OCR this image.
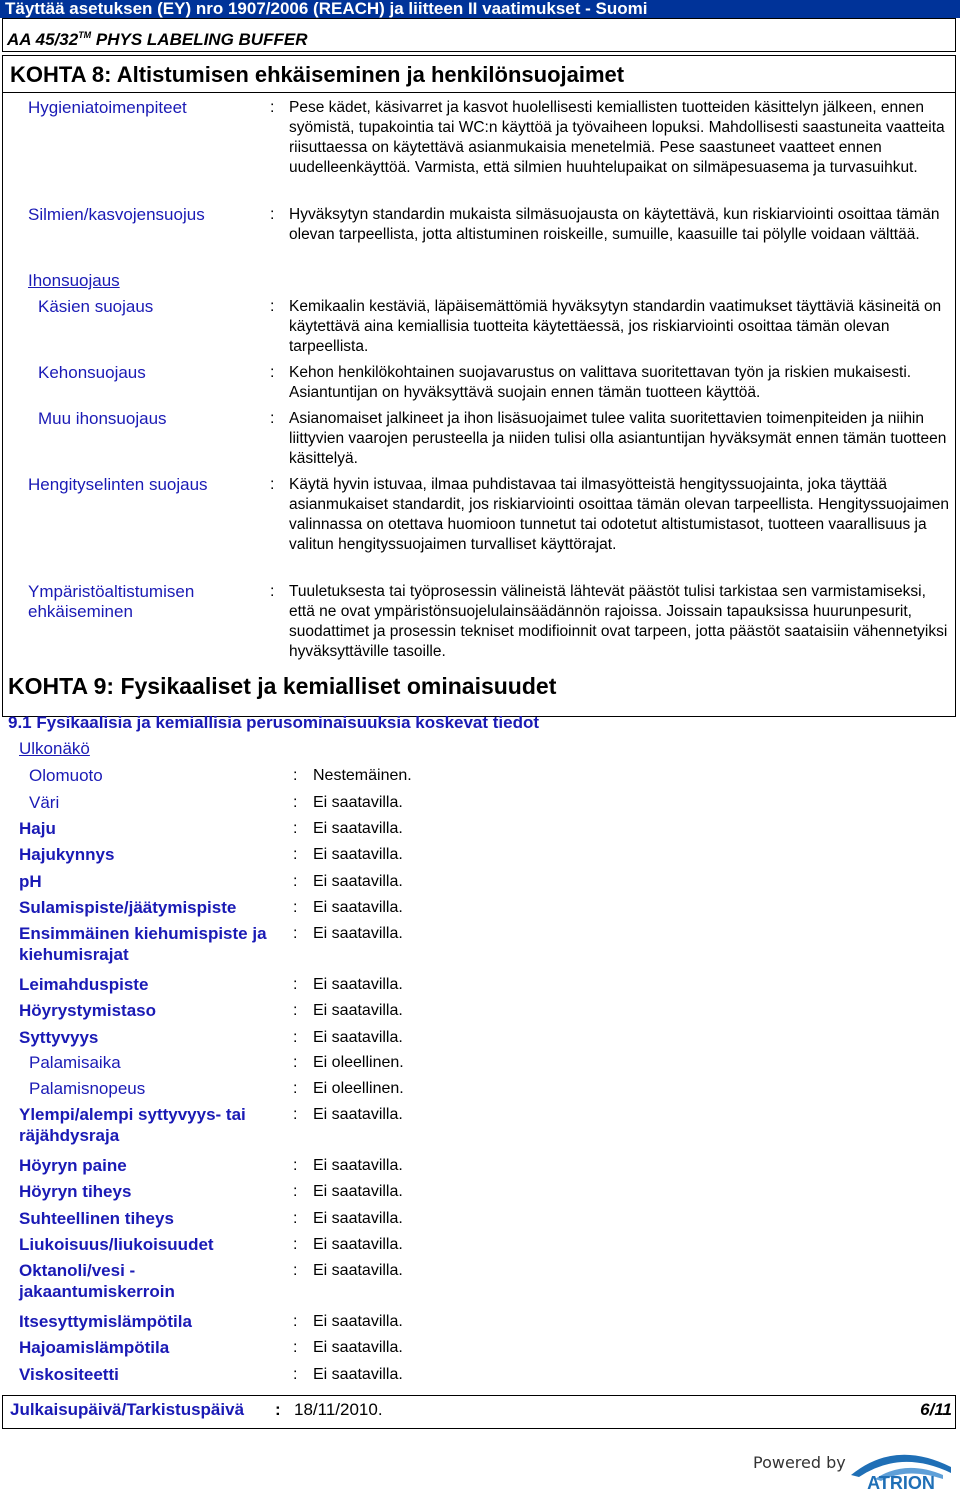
Täyttää asetuksen (EY) nro 1907/2006 (REACH) ja liitteen II vaatimukset - Suomi
AA 45/32™ PHYS LABELING BUFFER
KOHTA 8: Altistumisen ehkäiseminen ja henkilönsuojaimet
Hygieniatoimenpiteet	: Pese kädet, käsivarret ja kasvot huolellisesti kemiallisten tuotteiden käsittelyn jälkeen, ennen syömistä, tupakointia tai WC:n käyttöä ja työvaiheen lopuksi. Mahdollisesti saastuneita vaatteita riisuttaessa on käytettävä asianmukaisia menetelmiä. Pese saastuneet vaatteet ennen uudelleenkäyttöä. Varmista, että silmien huuhtelupaikat on silmäpesuasema ja turvasuihkut.
Silmien/kasvojensuojus	: Hyväksytyn standardin mukaista silmäsuojausta on käytettävä, kun riskiarviointi osoittaa tämän olevan tarpeellista, jotta altistuminen roiskeille, sumuille, kaasuille tai pölylle voidaan välttää.
Ihonsuojaus
Käsien suojaus	: Kemikaalin kestäviä, läpäisemättömiä hyväksytyn standardin vaatimukset täyttäviä käsineitä on käytettävä aina kemiallisia tuotteita käytettäessä, jos riskiarviointi osoittaa tämän olevan tarpeellista.
Kehonsuojaus	: Kehon henkilökohtainen suojavarustus on valittava suoritettavan työn ja riskien mukaisesti. Asiantuntijan on hyväksyttävä suojain ennen tämän tuotteen käyttöä.
Muu ihonsuojaus	: Asianomaiset jalkineet ja ihon lisäsuojaimet tulee valita suoritettavien toimenpiteiden ja niihin liittyvien vaarojen perusteella ja niiden tulisi olla asiantuntijan hyväksymät ennen tämän tuotteen käsittelyä.
Hengityselinten suojaus	: Käytä hyvin istuvaa, ilmaa puhdistavaa tai ilmasyötteistä hengityssuojainta, joka täyttää asianmukaiset standardit, jos riskiarviointi osoittaa tämän olevan tarpeellista. Hengityssuojaimen valinnassa on otettava huomioon tunnetut tai odotetut altistumistasot, tuotteen vaarallisuus ja valitun hengityssuojaimen turvalliset käyttörajat.
Ympäristöaltistumisen ehkäiseminen
: Tuuletuksesta tai työprosessin välineistä lähtevät päästöt tulisi tarkistaa sen varmistamiseksi, että ne ovat ympäristönsuojelulainsäädännön rajoissa. Joissain tapauksissa huurunpesurit, suodattimet ja prosessin tekniset modifioinnit ovat tarpeen, jotta päästöt saataisiin vähennetyiksi hyväksyttäville tasoille.
KOHTA 9: Fysikaaliset ja kemialliset ominaisuudet
9.1 Fysikaalisia ja kemiallisia perusominaisuuksia koskevat tiedot
Ulkonäkö
Olomuoto	: Nestemäinen.
Väri	: Ei saatavilla.
Haju	: Ei saatavilla.
Hajukynnys	: Ei saatavilla.
pH	: Ei saatavilla.
Sulamispiste/jäätymispiste	: Ei saatavilla.
Ensimmäinen kiehumispiste ja kiehumisrajat
: Ei saatavilla.
Leimahduspiste	: Ei saatavilla.
Höyrystymistaso	: Ei saatavilla.
Syttyvyys	: Ei saatavilla.
Palamisaika	: Ei oleellinen.
Palamisnopeus	: Ei oleellinen.
Ylempi/alempi syttyvyys- tai räjähdysraja
: Ei saatavilla.
Höyryn paine	: Ei saatavilla.
Höyryn tiheys	: Ei saatavilla.
Suhteellinen tiheys	: Ei saatavilla.
Liukoisuus/liukoisuudet	: Ei saatavilla.
Oktanoli/vesi - jakaantumiskerroin
: Ei saatavilla.
Itsesyttymislämpötila	: Ei saatavilla.
Hajoamislämpötila	: Ei saatavilla.
Viskositeetti	: Ei saatavilla.
Julkaisupäivä/Tarkistuspäivä : 18/11/2010.	6/11
Powered by
ATRION
